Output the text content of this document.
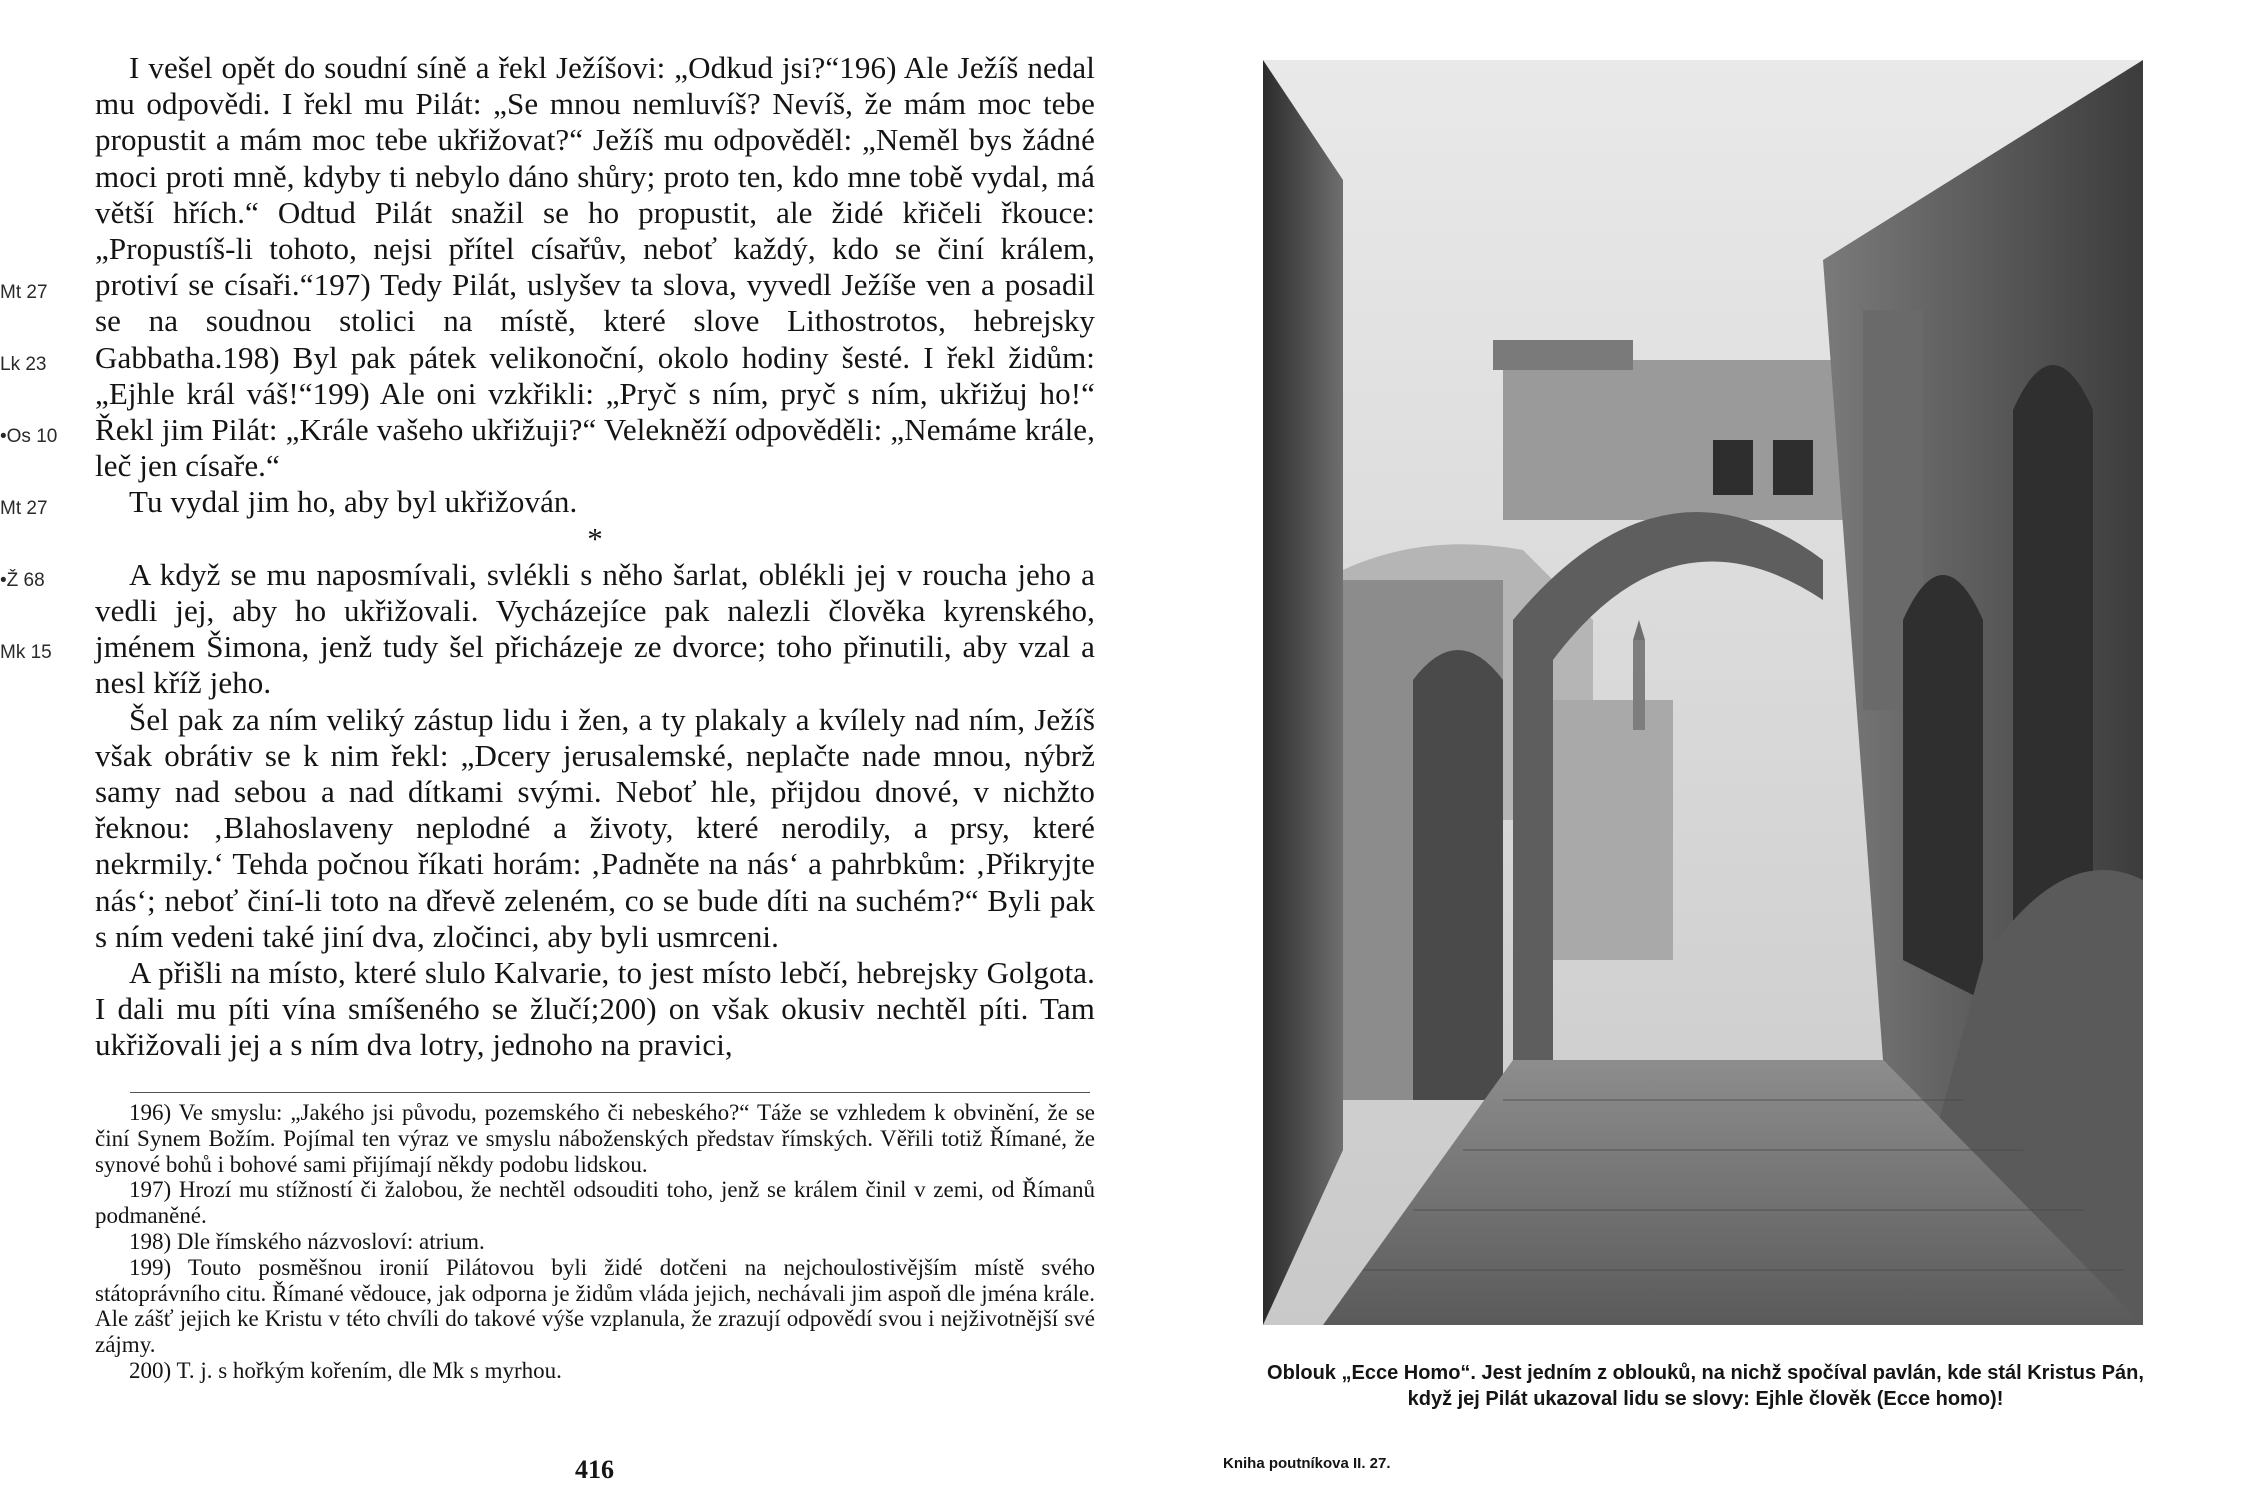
Mt 27
Lk 23
•Os 10
Mt 27
•Ž 68
Mk 15

I vešel opět do soudní síně a řekl Ježíšovi: „Odkud jsi?“196) Ale Ježíš nedal mu odpovědi. I řekl mu Pilát: „Se mnou nemluvíš? Nevíš, že mám moc tebe propustit a mám moc tebe ukřižovat?“ Ježíš mu odpověděl: „Neměl bys žádné moci proti mně, kdyby ti nebylo dáno shůry; proto ten, kdo mne tobě vydal, má větší hřích.“ Odtud Pilát snažil se ho propustit, ale židé křičeli řkouce: „Propustíš-li tohoto, nejsi přítel císařův, neboť každý, kdo se činí králem, protiví se císaři.“197) Tedy Pilát, uslyšev ta slova, vyvedl Ježíše ven a posadil se na soudnou stolici na místě, které slove Lithostrotos, hebrejsky Gabbatha.198) Byl pak pátek velikonoční, okolo hodiny šesté. I řekl židům: „Ejhle král váš!“199) Ale oni vzkřikli: „Pryč s ním, pryč s ním, ukřižuj ho!“ Řekl jim Pilát: „Krále vašeho ukřižuji?“ Velekněží odpověděli: „Nemáme krále, leč jen císaře.“

Tu vydal jim ho, aby byl ukřižován.

*

A když se mu naposmívali, svlékli s něho šarlat, oblékli jej v roucha jeho a vedli jej, aby ho ukřižovali. Vycházejíce pak nalezli člověka kyrenského, jménem Šimona, jenž tudy šel přicházeje ze dvorce; toho přinutili, aby vzal a nesl kříž jeho.

Šel pak za ním veliký zástup lidu i žen, a ty plakaly a kvílely nad ním, Ježíš však obrátiv se k nim řekl: „Dcery jerusalemské, neplačte nade mnou, nýbrž samy nad sebou a nad dítkami svými. Neboť hle, přijdou dnové, v nichžto řeknou: ‚Blahoslaveny neplodné a životy, které nerodily, a prsy, které nekrmily.‘ Tehda počnou říkati horám: ‚Padněte na nás‘ a pahrbkům: ‚Přikryjte nás‘; neboť činí-li toto na dřevě zeleném, co se bude díti na suchém?“ Byli pak s ním vedeni také jiní dva, zločinci, aby byli usmrceni.

A přišli na místo, které slulo Kalvarie, to jest místo lebčí, hebrejsky Golgota. I dali mu píti vína smíšeného se žlučí;200) on však okusiv nechtěl píti. Tam ukřižovali jej a s ním dva lotry, jednoho na pravici,

196) Ve smyslu: „Jakého jsi původu, pozemského či nebeského?“ Táže se vzhledem k obvinění, že se činí Synem Božím. Pojímal ten výraz ve smyslu náboženských představ římských. Věřili totiž Římané, že synové bohů i bohové sami přijímají někdy podobu lidskou.

197) Hrozí mu stížností či žalobou, že nechtěl odsouditi toho, jenž se králem činil v zemi, od Římanů podmaněné.

198) Dle římského názvosloví: atrium.

199) Touto posměšnou ironií Pilátovou byli židé dotčeni na nejchoulostivějším místě svého státoprávního citu. Římané vědouce, jak odporna je židům vláda jejich, nechávali jim aspoň dle jména krále. Ale zášť jejich ke Kristu v této chvíli do takové výše vzplanula, že zrazují odpovědí svou i nejživotnější své zájmy.

200) T. j. s hořkým kořením, dle Mk s myrhou.

416
Oblouk „Ecce Homo“. Jest jedním z oblouků, na nichž spočíval pavlán, kde stál Kristus Pán, když jej Pilát ukazoval lidu se slovy: Ejhle člověk (Ecce homo)!
Kniha poutníkova II. 27.
